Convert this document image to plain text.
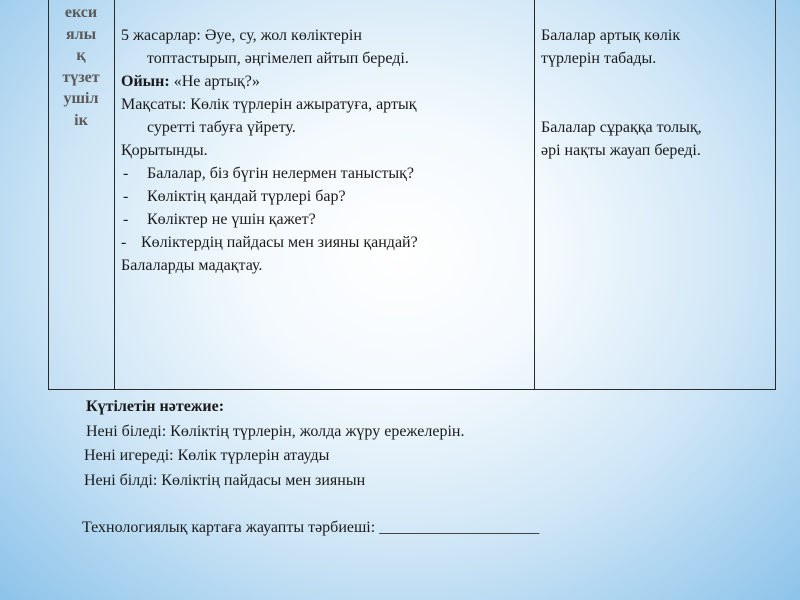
екси
ялы
қ
түзет
ушіл
ік
5 жасарлар: Әуе, су, жол көліктерін
топтастырып, әңгімелеп айтып береді.
Ойын: «Не артық?»
Мақсаты: Көлік түрлерін ажыратуға, артық
суретті табуға үйрету.
Қорытынды.
- Балалар, біз бүгін нелермен таныстық?
- Көліктің қандай түрлері бар?
- Көліктер не үшін қажет?
- Көліктердің пайдасы мен зияны қандай?
Балаларды мадақтау.
Балалар артық көлік
түрлерін табады.
Балалар сұраққа толық,
әрі нақты жауап береді.
Күтілетін нәтежие:
Нені біледі: Көліктің түрлерін, жолда жүру ережелерін.
Нені игереді: Көлік түрлерін атауды
Нені білді: Көліктің пайдасы мен зиянын
Технологиялық картаға жауапты тәрбиеші: ____________________
